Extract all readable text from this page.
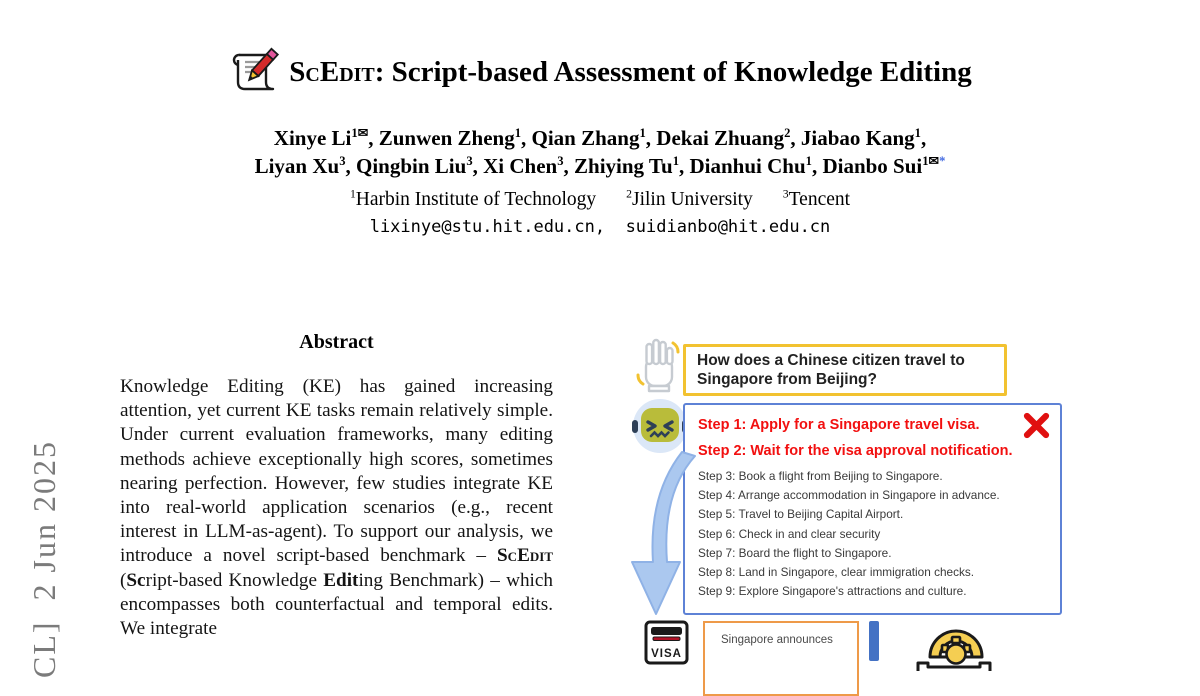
CL]  2 Jun 2025
ScEdit: Script-based Assessment of Knowledge Editing
Xinye $Li^{1✉}$, Zunwen Zheng$^1$, Qian Zhang$^1$, Dekai Zhuang$^2$, Jiabao Kang$^1$,
Liyan Xu$^3$, Qingbin Liu$^3$, Xi Chen$^3$, Zhiying Tu$^1$, Dianhui Chu$^1$, Dianbo Sui$^{1✉*}$
$^1$Harbin Institute of Technology	$^2$Jilin University	$^3$Tencent
lixinye@stu.hit.edu.cn,  suidianbo@hit.edu.cn
Abstract

Knowledge Editing (KE) has gained increasing attention, yet current KE tasks remain relatively simple. Under current evaluation frameworks, many editing methods achieve exceptionally high scores, sometimes nearing perfection. However, few studies integrate KE into real-world application scenarios (e.g., recent interest in LLM-as-agent). To support our analysis, we introduce a novel script-based benchmark – ScEdit (Script-based Knowledge Editing Benchmark) – which encompasses both counterfactual and temporal edits. We integrate

How does a Chinese citizen travel to Singapore from Beijing?
Step 1: Apply for a Singapore travel visa.
Step 2: Wait for the visa approval notification.
Step 3: Book a flight from Beijing to Singapore.
Step 4: Arrange accommodation in Singapore in advance.
Step 5: Travel to Beijing Capital Airport.
Step 6: Check in and clear security
Step 7: Board the flight to Singapore.
Step 8: Land in Singapore, clear immigration checks.
Step 9: Explore Singapore's attractions and culture.
VISA
Singapore announces
